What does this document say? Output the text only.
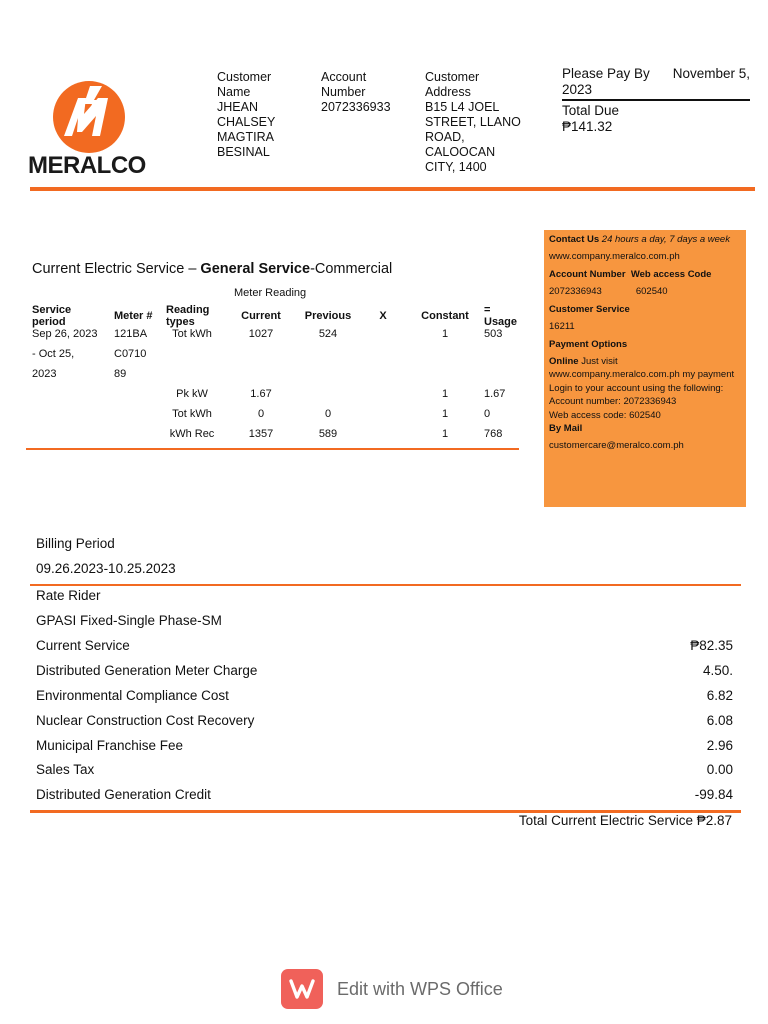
MERALCO
Customer
Name
JHEAN
CHALSEY
MAGTIRA
BESINAL
Account
Number
2072336933
Customer
Address
B15 L4 JOEL
STREET, LLANO
ROAD,
CALOOCAN
CITY, 1400
Please Pay By November 5,
2023
Total Due
₱141.32
Current Electric Service – General Service-Commercial
Meter Reading
Service period	Meter #	Reading types	Current	Previous	X	Constant	= Usage
Sep 26, 2023	121BA	Tot kWh	1027	524		1	503
- Oct 25,	C0710						
2023	89						
		Pk kW	1.67			1	1.67
		Tot kWh	0	0		1	0
		kWh Rec	1357	589		1	768
Contact Us 24 hours a day, 7 days a week
www.company.meralco.com.ph
Account Number Web access Code
2072336943	602540
Customer Service
16211
Payment Options
Online Just visit www.company.meralco.com.ph my payment
Login to your account using the following:
Account number: 2072336943
Web access code: 602540
By Mail
customercare@meralco.com.ph
Billing Period
09.26.2023-10.25.2023
Rate Rider
GPASI Fixed-Single Phase-SM
Current Service	₱82.35
Distributed Generation Meter Charge	4.50.
Environmental Compliance Cost	6.82
Nuclear Construction Cost Recovery	6.08
Municipal Franchise Fee	2.96
Sales Tax	0.00
Distributed Generation Credit	-99.84
Total Current Electric Service ₱2.87
Edit with WPS Office
